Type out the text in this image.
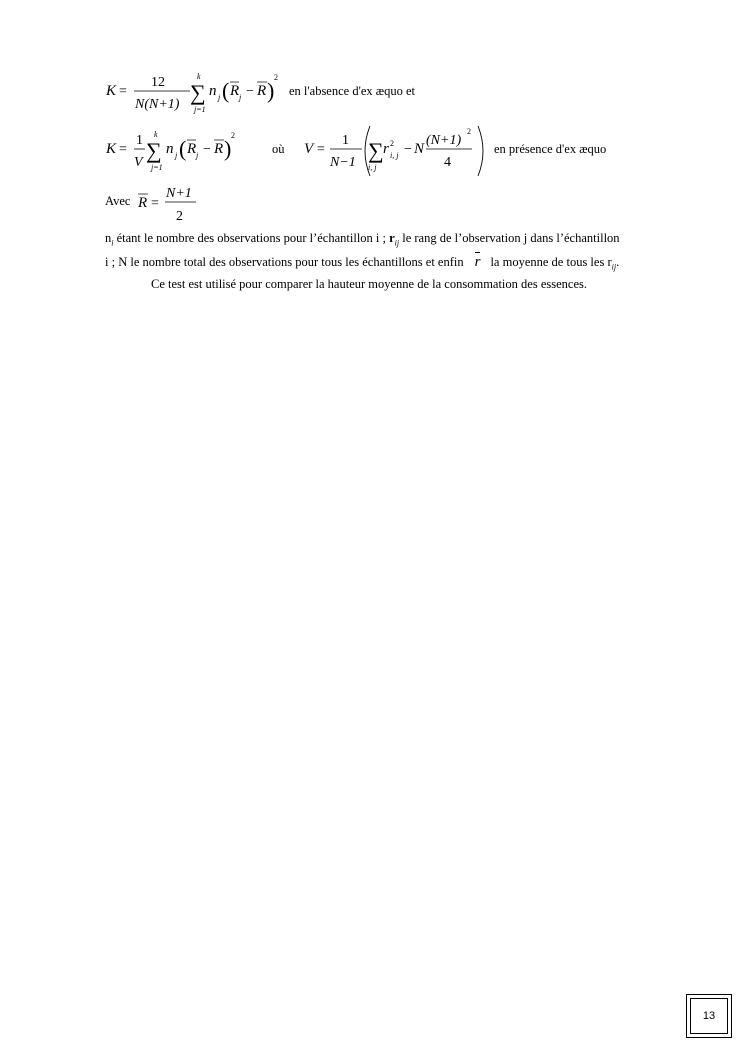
K =
12
N(N+1) ∑
k
j=1
n j ( R j − R )
2
en l'absence d'ex æquo et
K =
1
V ∑
k
j=1
n j ( R j − R )
2
où V =
1
N−1 ∑
i, j
r 2
i, j − N
(N+1)
2
4
en présence d'ex æquo
Avec R =
N+1
2
$n_i$ étant le nombre des observations pour l’échantillon i ; $r_{ij}$ le rang de l’observation j dans l’échantillon
i ; N le nombre total des observations pour tous les échantillons et enfin r la moyenne de tous les $r_{ij}$.
Ce test est utilisé pour comparer la hauteur moyenne de la consommation des essences.
13
